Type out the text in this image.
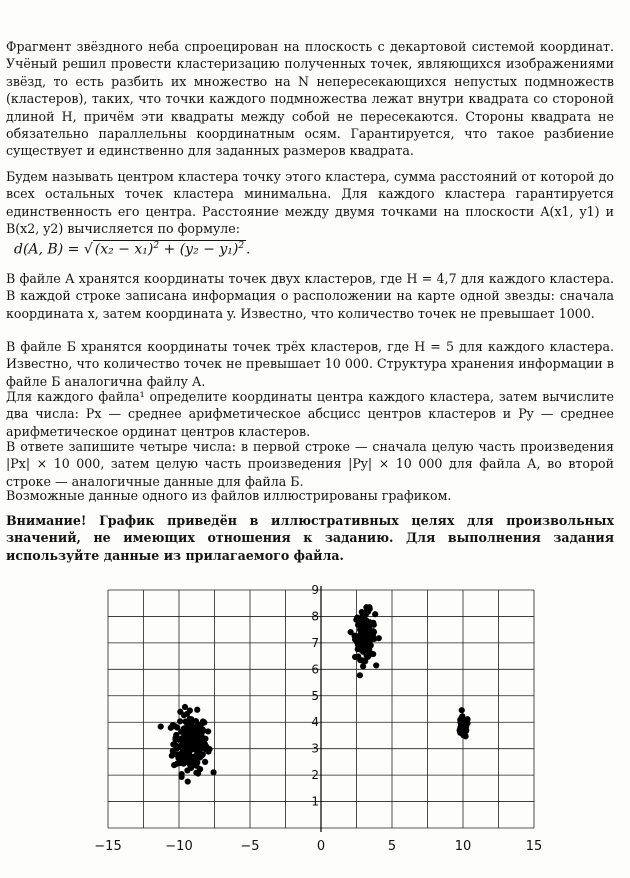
Фрагмент звёздного неба спроецирован на плоскость с декартовой системой координат. Учёный решил провести кластеризацию полученных точек, являющихся изображениями звёзд, то есть разбить их множество на N непересекающихся непустых подмножеств (кластеров), таких, что точки каждого подмножества лежат внутри квадрата со стороной длиной H, причём эти квадраты между собой не пересекаются. Стороны квадрата не обязательно параллельны координатным осям. Гарантируется, что такое разбиение существует и единственно для заданных размеров квадрата.

Будем называть центром кластера точку этого кластера, сумма расстояний от которой до всех остальных точек кластера минимальна. Для каждого кластера гарантируется единственность его центра. Расстояние между двумя точками на плоскости A(x1, y1) и B(x2, y2) вычисляется по формуле:

d(A, B) = √ $(x_2 - x_1)^2 + (y_2 - y_1)^2$ .

В файле А хранятся координаты точек двух кластеров, где H = 4,7 для каждого кластера. В каждой строке записана информация о расположении на карте одной звезды: сначала координата x, затем координата y. Известно, что количество точек не превышает 1000.

В файле Б хранятся координаты точек трёх кластеров, где H = 5 для каждого кластера. Известно, что количество точек не превышает 10 000. Структура хранения информации в файле Б аналогична файлу А.

Для каждого файла¹ определите координаты центра каждого кластера, затем вычислите два числа: Px — среднее арифметическое абсцисс центров кластеров и Py — среднее арифметическое ординат центров кластеров.

В ответе запишите четыре числа: в первой строке — сначала целую часть произведения |Px| × 10 000, затем целую часть произведения |Py| × 10 000 для файла А, во второй строке — аналогичные данные для файла Б.

Возможные данные одного из файлов иллюстрированы графиком.

Внимание! График приведён в иллюстративных целях для произвольных значений, не имеющих отношения к заданию. Для выполнения задания используйте данные из прилагаемого файла.

−15	−10	−5	0	5	10	15
1
2
3
4
5
6
7
8
9
